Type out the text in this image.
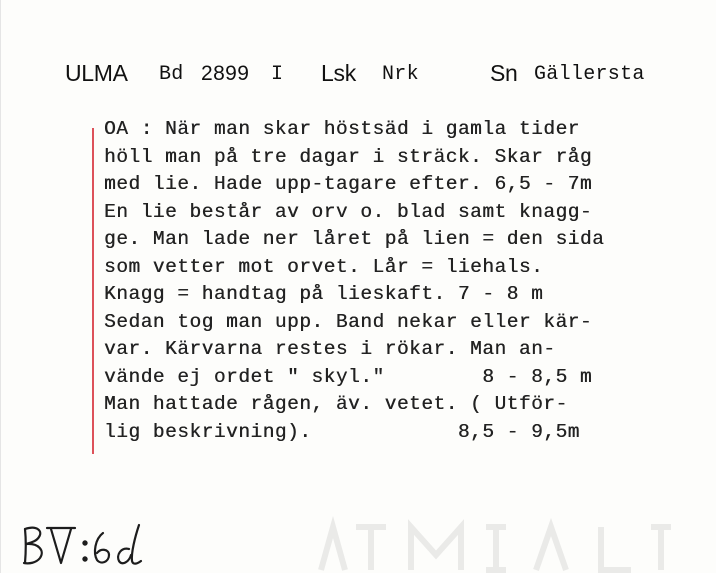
ULMA Bd 2899 I Lsk Nrk	Sn Gällersta
OA : När man skar höstsäd i gamla tider
höll man på tre dagar i sträck. Skar råg
med lie. Hade upp-tagare efter. 6,5 - 7m
En lie består av orv o. blad samt knagg-
ge. Man lade ner låret på lien = den sida
som vetter mot orvet. Lår = liehals.
Knagg = handtag på lieskaft. 7 - 8 m
Sedan tog man upp. Band nekar eller kär-
var. Kärvarna restes i rökar. Man an-
vände ej ordet " skyl."        8 - 8,5 m
Man hattade rågen, äv. vetet. ( Utför-
lig beskrivning).            8,5 - 9,5m
